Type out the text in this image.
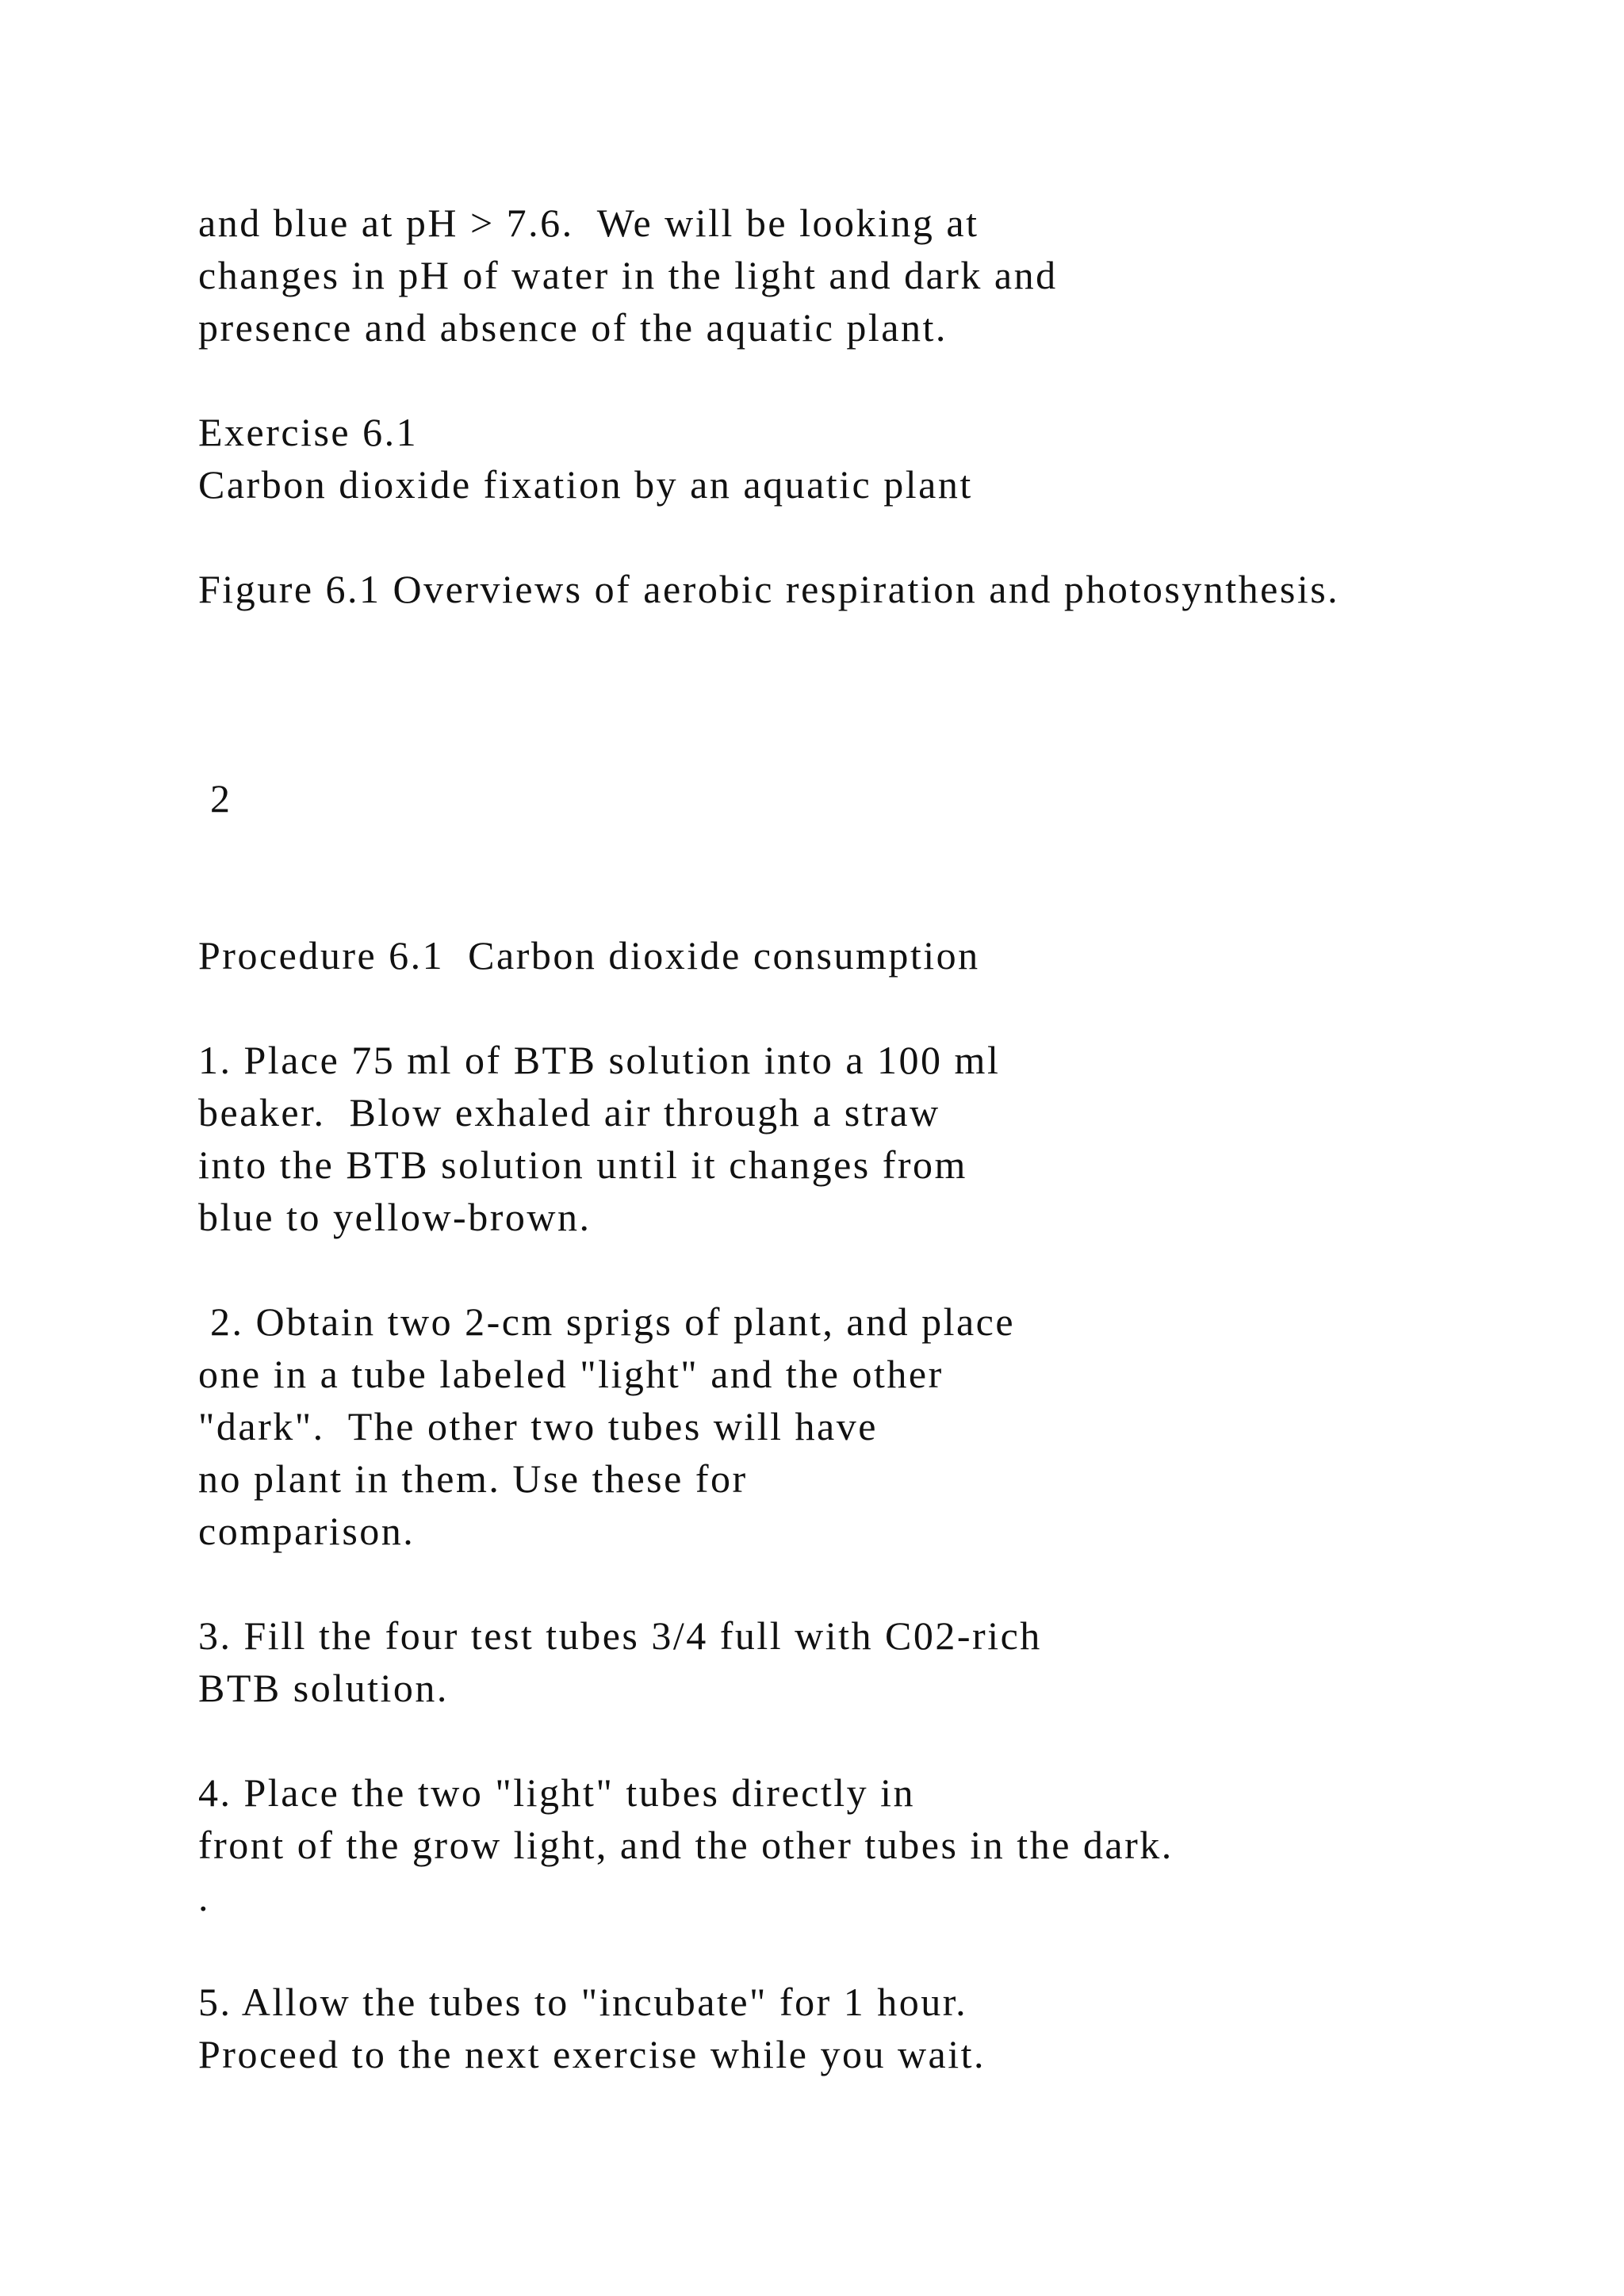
and blue at pH > 7.6.  We will be looking at
changes in pH of water in the light and dark and
presence and absence of the aquatic plant.
Exercise 6.1
Carbon dioxide fixation by an aquatic plant
Figure 6.1 Overviews of aerobic respiration and photosynthesis.
2
Procedure 6.1  Carbon dioxide consumption
1. Place 75 ml of BTB solution into a 100 ml
beaker.  Blow exhaled air through a straw
into the BTB solution until it changes from
blue to yellow-brown.
2. Obtain two 2-cm sprigs of plant, and place
one in a tube labeled "light" and the other
"dark".  The other two tubes will have
no plant in them. Use these for
comparison.
3. Fill the four test tubes 3/4 full with C02-rich
BTB solution.
4. Place the two "light" tubes directly in
front of the grow light, and the other tubes in the dark.
.
5. Allow the tubes to "incubate" for 1 hour.
Proceed to the next exercise while you wait.
